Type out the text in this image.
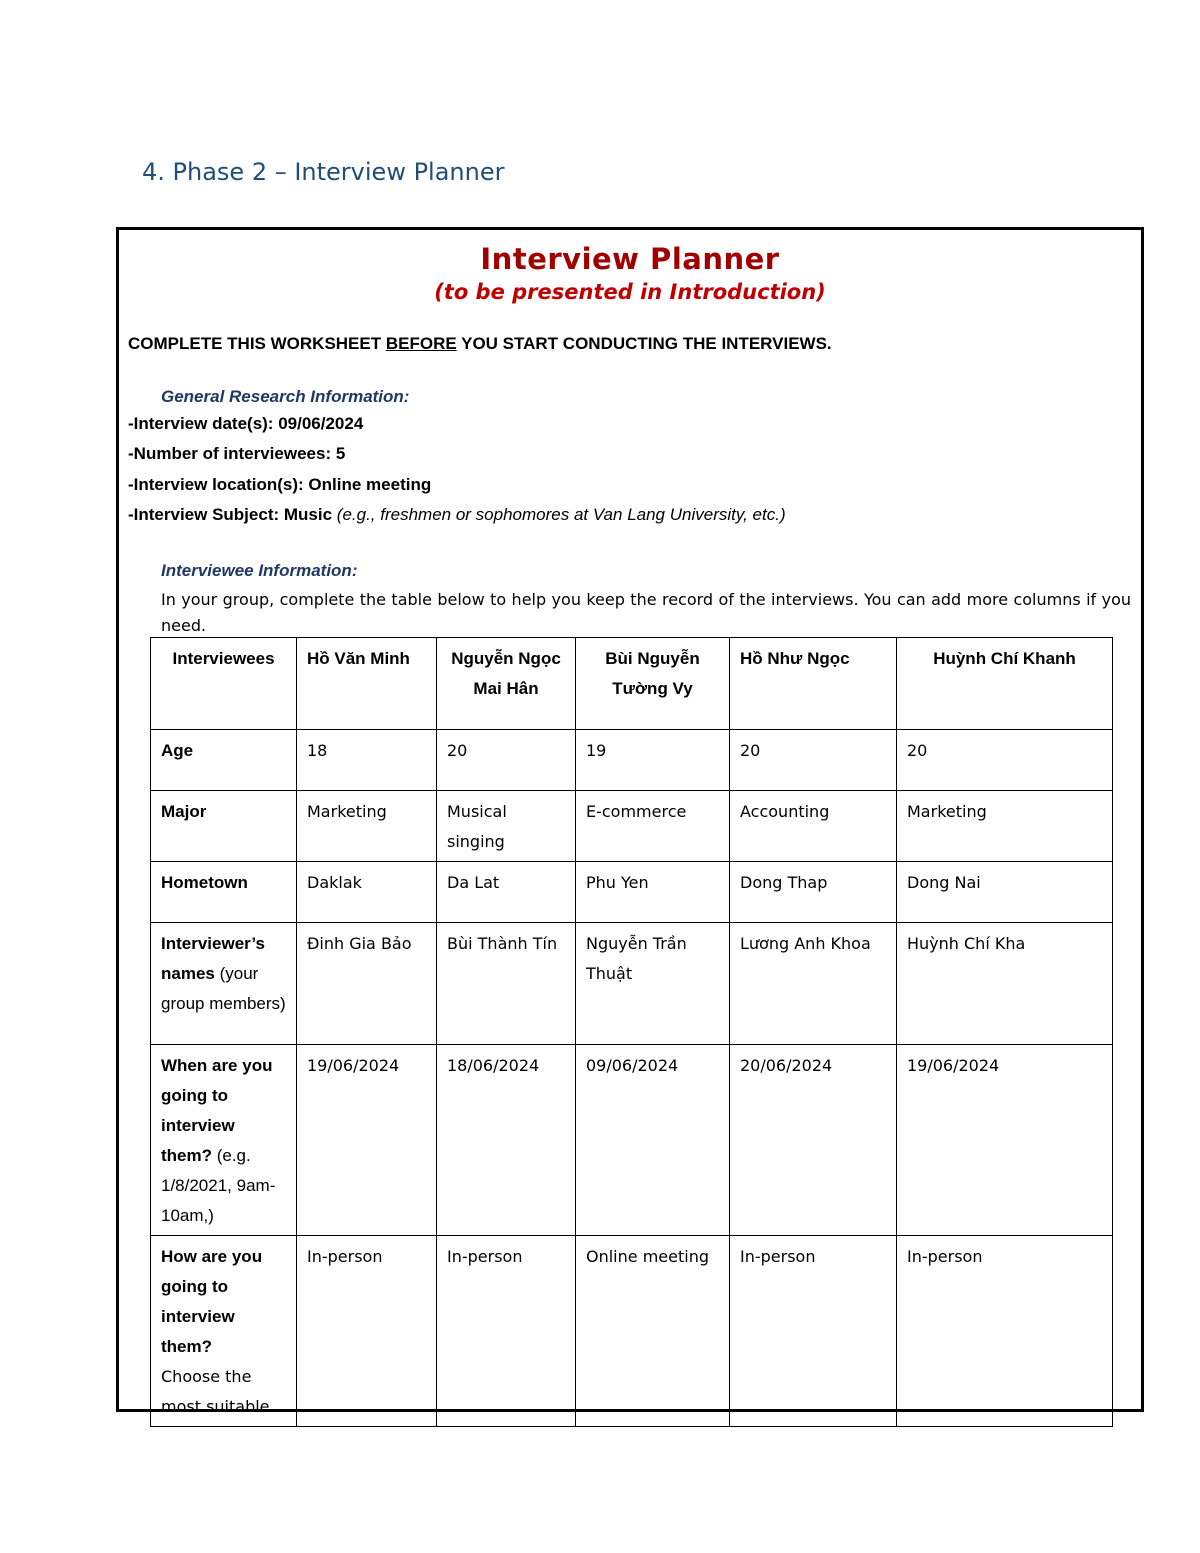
4. Phase 2 – Interview Planner
Interview Planner
(to be presented in Introduction)
COMPLETE THIS WORKSHEET BEFORE YOU START CONDUCTING THE INTERVIEWS.
General Research Information:
-Interview date(s): 09/06/2024
-Number of interviewees: 5
-Interview location(s): Online meeting
-Interview Subject: Music (e.g., freshmen or sophomores at Van Lang University, etc.)
Interviewee Information:
In your group, complete the table below to help you keep the record of the interviews. You can add more columns if you need.
Interviewees	Hồ Văn Minh	Nguyễn Ngọc Mai Hân	Bùi Nguyễn Tường Vy	Hồ Như Ngọc	Huỳnh Chí Khanh
Age	18	20	19	20	20
Major	Marketing	Musical singing	E-commerce	Accounting	Marketing
Hometown	Daklak	Da Lat	Phu Yen	Dong Thap	Dong Nai
Interviewer’s names (your group members)	Đinh Gia Bảo	Bùi Thành Tín	Nguyễn Trần Thuật	Lương Anh Khoa	Huỳnh Chí Kha
When are you going to interview them? (e.g. 1/8/2021, 9am-10am,)	19/06/2024	18/06/2024	09/06/2024	20/06/2024	19/06/2024
How are you going to interview them?
Choose the most suitable	In-person	In-person	Online meeting	In-person	In-person
